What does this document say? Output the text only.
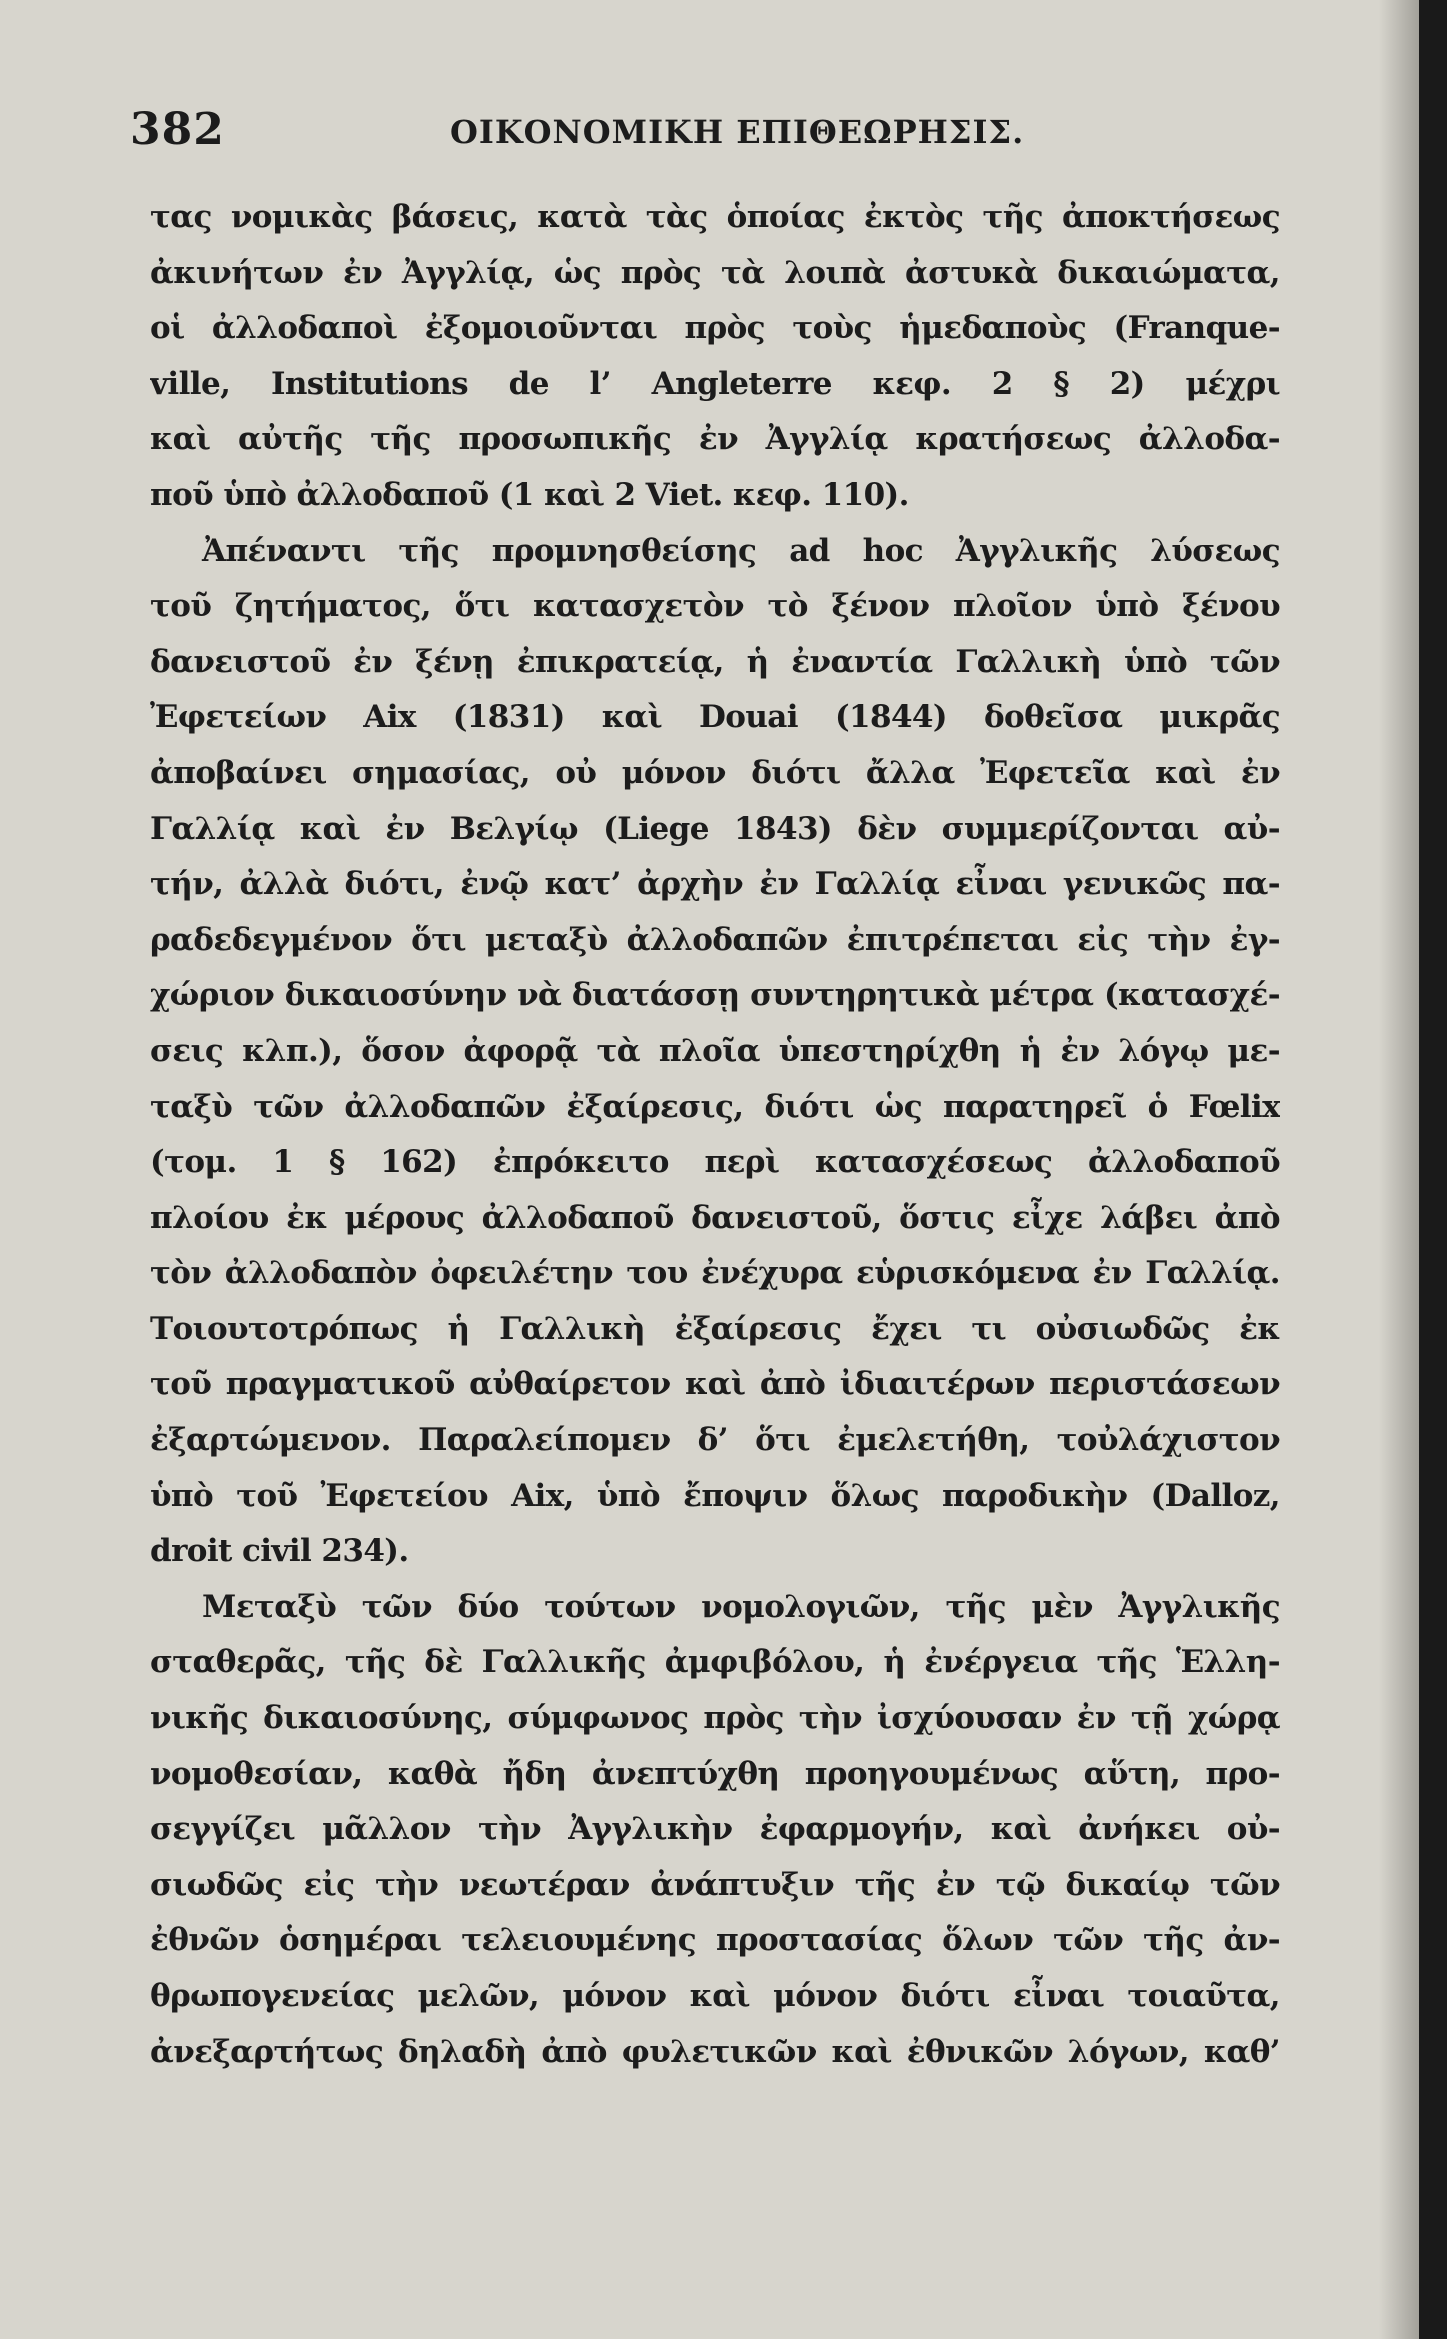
382	ΟΙΚΟΝΟΜΙΚΗ ΕΠΙΘΕΩΡΗΣΙΣ.
τας νομικὰς βάσεις, κατὰ τὰς ὁποίας ἐκτὸς τῆς ἀποκτήσεως
ἀκινήτων ἐν Ἀγγλίᾳ, ὡς πρὸς τὰ λοιπὰ ἀστυκὰ δικαιώματα,
οἱ ἀλλοδαποὶ ἐξομοιοῦνται πρὸς τοὺς ἡμεδαποὺς (Franque-
ville, Institutions de l’ Angleterre κεφ. 2 § 2) μέχρι
καὶ αὐτῆς τῆς προσωπικῆς ἐν Ἀγγλίᾳ κρατήσεως ἀλλοδα-
ποῦ ὑπὸ ἀλλοδαποῦ (1 καὶ 2 Viet. κεφ. 110).
Ἀπέναντι τῆς προμνησθείσης ad hoc Ἀγγλικῆς λύσεως
τοῦ ζητήματος, ὅτι κατασχετὸν τὸ ξένον πλοῖον ὑπὸ ξένου
δανειστοῦ ἐν ξένῃ ἐπικρατείᾳ, ἡ ἐναντία Γαλλικὴ ὑπὸ τῶν
Ἐφετείων Aix (1831) καὶ Douai (1844) δοθεῖσα μικρᾶς
ἀποβαίνει σημασίας, οὐ μόνον διότι ἄλλα Ἐφετεῖα καὶ ἐν
Γαλλίᾳ καὶ ἐν Βελγίῳ (Liege 1843) δὲν συμμερίζονται αὐ-
τήν, ἀλλὰ διότι, ἐνῷ κατ’ ἀρχὴν ἐν Γαλλίᾳ εἶναι γενικῶς πα-
ραδεδεγμένον ὅτι μεταξὺ ἀλλοδαπῶν ἐπιτρέπεται εἰς τὴν ἐγ-
χώριον δικαιοσύνην νὰ διατάσσῃ συντηρητικὰ μέτρα (κατασχέ-
σεις κλπ.), ὅσον ἀφορᾷ τὰ πλοῖα ὑπεστηρίχθη ἡ ἐν λόγῳ με-
ταξὺ τῶν ἀλλοδαπῶν ἐξαίρεσις, διότι ὡς παρατηρεῖ ὁ Fœlix
(τομ. 1 § 162) ἐπρόκειτο περὶ κατασχέσεως ἀλλοδαποῦ
πλοίου ἐκ μέρους ἀλλοδαποῦ δανειστοῦ, ὅστις εἶχε λάβει ἀπὸ
τὸν ἀλλοδαπὸν ὀφειλέτην του ἐνέχυρα εὑρισκόμενα ἐν Γαλλίᾳ.
Τοιουτοτρόπως ἡ Γαλλικὴ ἐξαίρεσις ἔχει τι οὐσιωδῶς ἐκ
τοῦ πραγματικοῦ αὐθαίρετον καὶ ἀπὸ ἰδιαιτέρων περιστάσεων
ἐξαρτώμενον. Παραλείπομεν δ’ ὅτι ἐμελετήθη, τοὐλάχιστον
ὑπὸ τοῦ Ἐφετείου Aix, ὑπὸ ἔποψιν ὅλως παροδικὴν (Dalloz,
droit civil 234).
Μεταξὺ τῶν δύο τούτων νομολογιῶν, τῆς μὲν Ἀγγλικῆς
σταθερᾶς, τῆς δὲ Γαλλικῆς ἀμφιβόλου, ἡ ἐνέργεια τῆς Ἑλλη-
νικῆς δικαιοσύνης, σύμφωνος πρὸς τὴν ἰσχύουσαν ἐν τῇ χώρᾳ
νομοθεσίαν, καθὰ ἤδη ἀνεπτύχθη προηγουμένως αὕτη, προ-
σεγγίζει μᾶλλον τὴν Ἀγγλικὴν ἐφαρμογήν, καὶ ἀνήκει οὐ-
σιωδῶς εἰς τὴν νεωτέραν ἀνάπτυξιν τῆς ἐν τῷ δικαίῳ τῶν
ἐθνῶν ὁσημέραι τελειουμένης προστασίας ὅλων τῶν τῆς ἀν-
θρωπογενείας μελῶν, μόνον καὶ μόνον διότι εἶναι τοιαῦτα,
ἀνεξαρτήτως δηλαδὴ ἀπὸ φυλετικῶν καὶ ἐθνικῶν λόγων, καθ’
